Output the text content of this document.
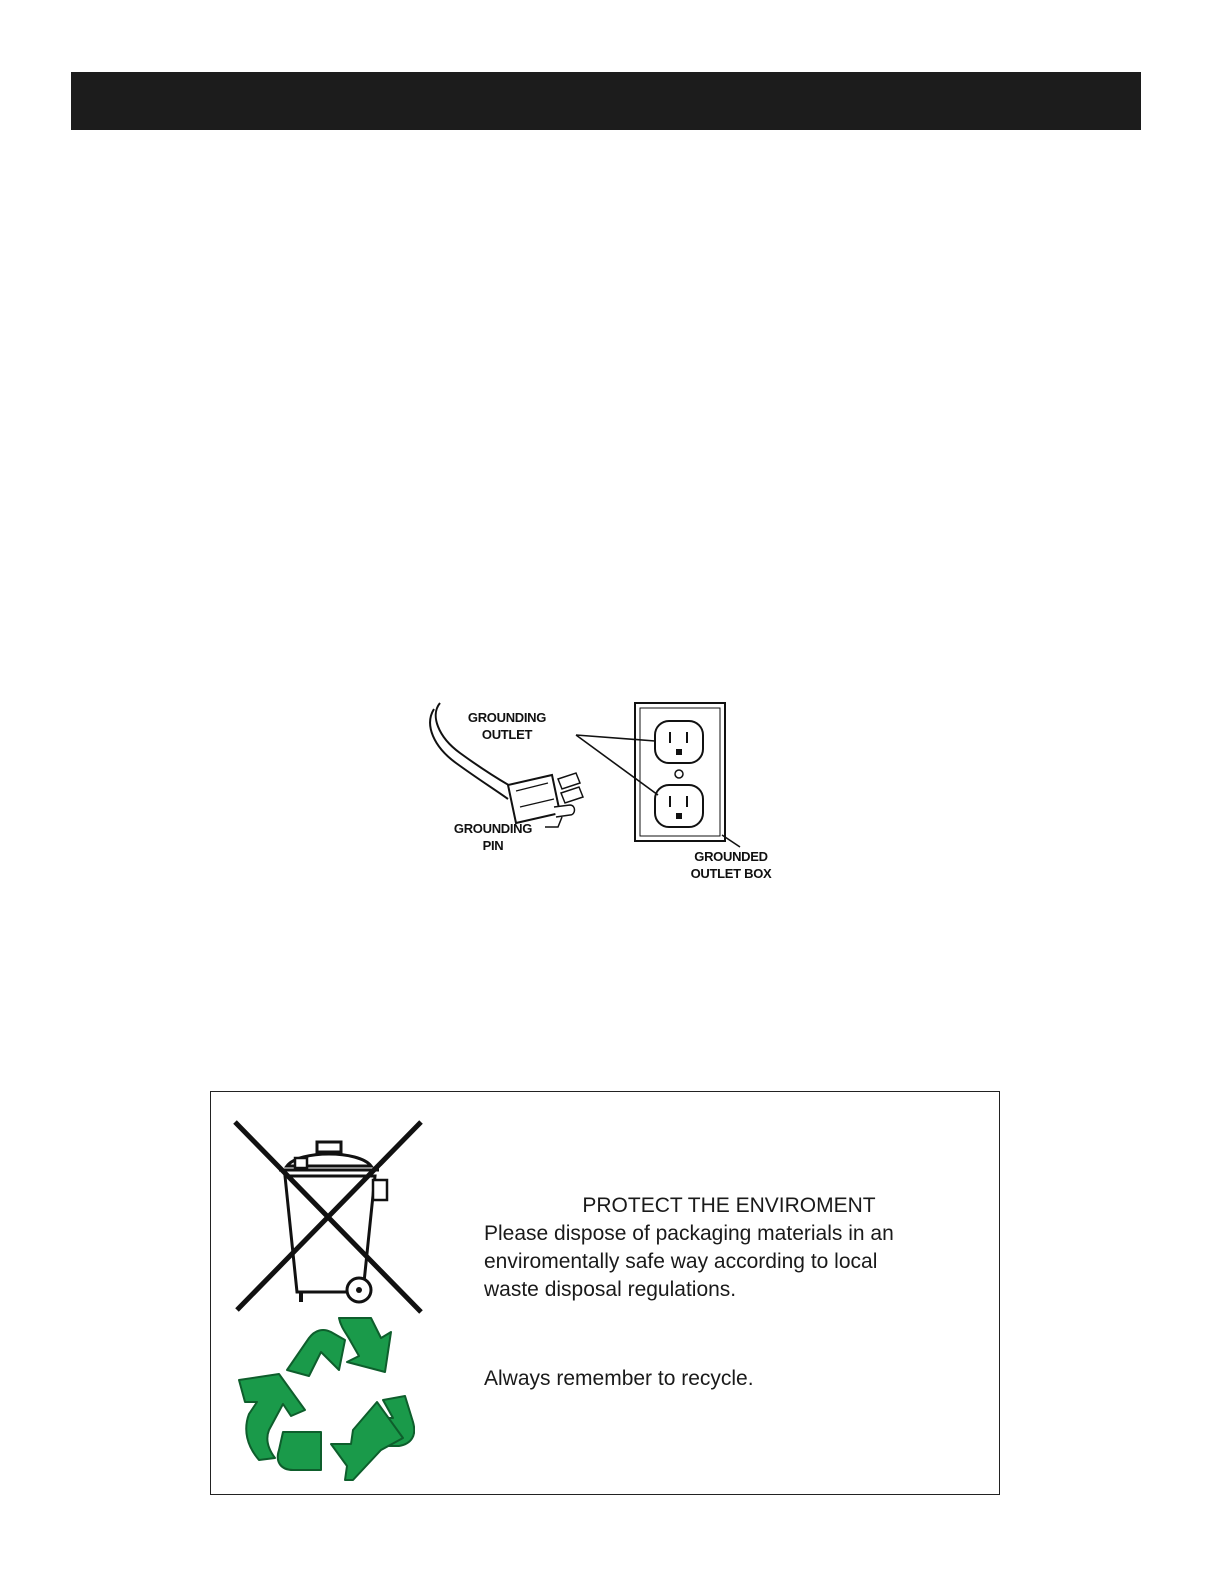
GROUNDING
OUTLET
GROUNDING
PIN
GROUNDED
OUTLET BOX
PROTECT THE ENVIROMENT
Please dispose of packaging materials in an
enviromentally safe way according to local
waste disposal regulations.
Always remember to recycle.
